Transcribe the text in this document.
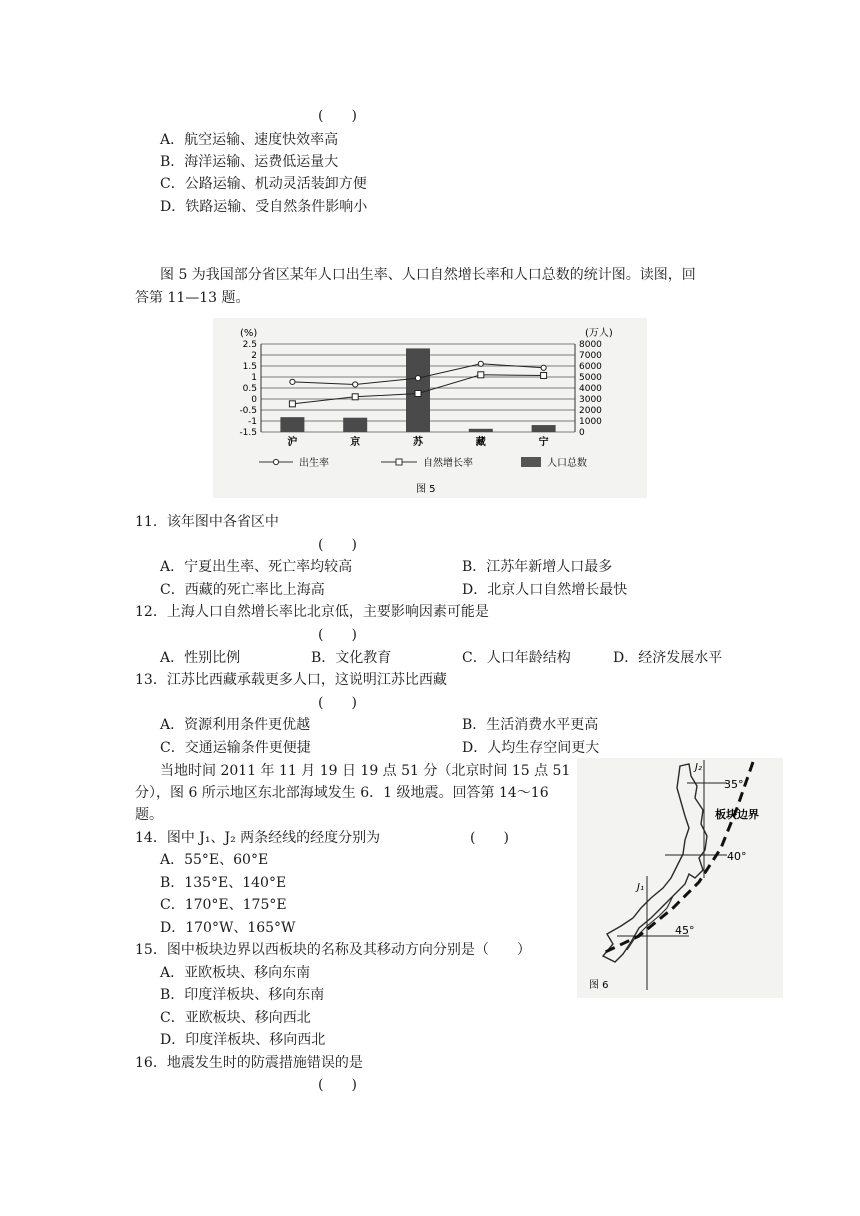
(　　)
A．航空运输、速度快效率高
B．海洋运输、运费低运量大
C．公路运输、机动灵活装卸方便
D．铁路运输、受自然条件影响小
图 5 为我国部分省区某年人口出生率、人口自然增长率和人口总数的统计图。读图，回
答第 11—13 题。
(%)	(万人)
2.5
2
1.5
1
0.5
0
-0.5
-1
-1.5
8000
7000
6000
5000
4000
3000
2000
1000
0
沪	京	苏	藏	宁
出生率	自然增长率	人口总数
图 5
11．该年图中各省区中
(　　)
A．宁夏出生率、死亡率均较高	B．江苏年新增人口最多
C．西藏的死亡率比上海高	D．北京人口自然增长最快
12．上海人口自然增长率比北京低，主要影响因素可能是
(　　)
A．性别比例	B．文化教育	C．人口年龄结构	D．经济发展水平
13．江苏比西藏承载更多人口，这说明江苏比西藏
(　　)
A．资源利用条件更优越	B．生活消费水平更高
C．交通运输条件更便捷	D．人均生存空间更大
当地时间 2011 年 11 月 19 日 19 点 51 分（北京时间 15 点 51
分），图 6 所示地区东北部海域发生 6．1 级地震。回答第 14～16
题。
J₂
35°
板块边界
40°
J₁
45°
图 6
14．图中 J₁、J₂ 两条经线的经度分别为	(　　)
A．55°E、60°E
B．135°E、140°E
C．170°E、175°E
D．170°W、165°W
15．图中板块边界以西板块的名称及其移动方向分别是（　　）
A．亚欧板块、移向东南
B．印度洋板块、移向东南
C．亚欧板块、移向西北
D．印度洋板块、移向西北
16．地震发生时的防震措施错误的是
(　　)
